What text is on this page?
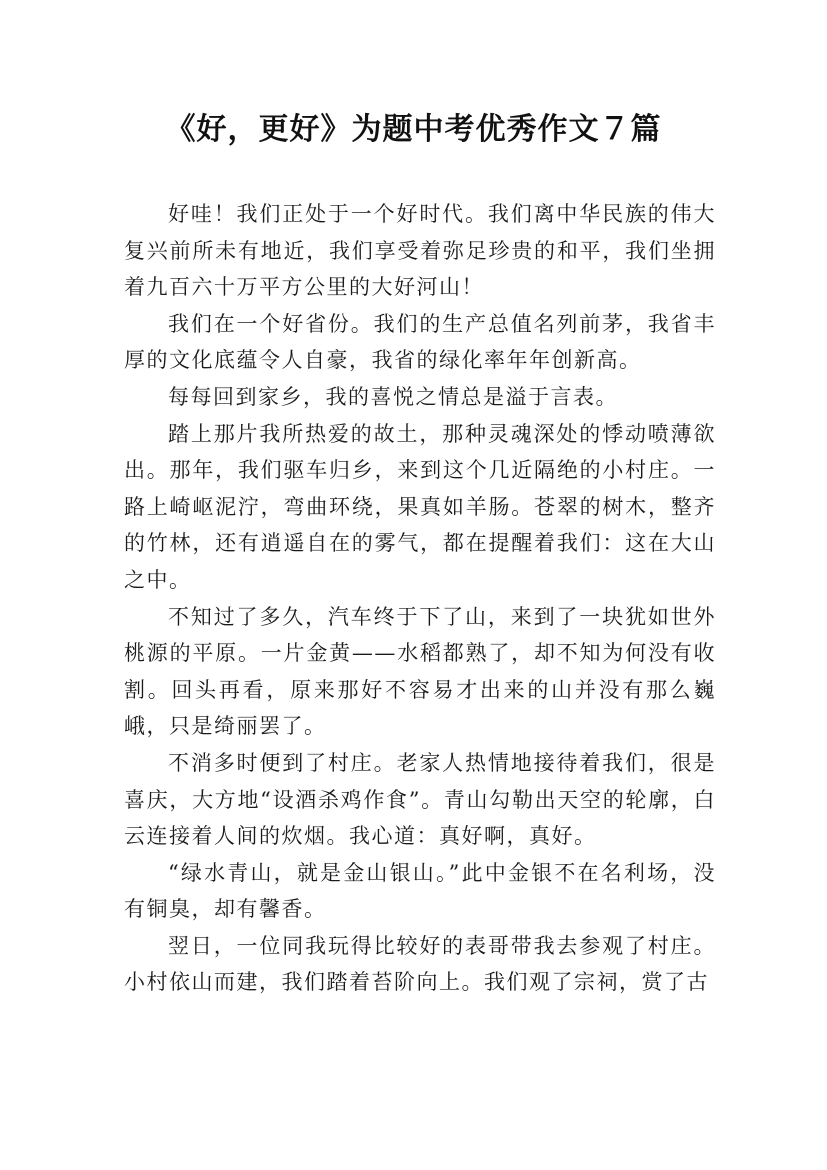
《好，更好》为题中考优秀作文７篇

好哇！我们正处于一个好时代。我们离中华民族的伟大复兴前所未有地近，我们享受着弥足珍贵的和平，我们坐拥着九百六十万平方公里的大好河山！

我们在一个好省份。我们的生产总值名列前茅，我省丰厚的文化底蕴令人自豪，我省的绿化率年年创新高。

每每回到家乡，我的喜悦之情总是溢于言表。

踏上那片我所热爱的故土，那种灵魂深处的悸动喷薄欲出。那年，我们驱车归乡，来到这个几近隔绝的小村庄。一路上崎岖泥泞，弯曲环绕，果真如羊肠。苍翠的树木，整齐的竹林，还有逍遥自在的雾气，都在提醒着我们：这在大山之中。

不知过了多久，汽车终于下了山，来到了一块犹如世外桃源的平原。一片金黄——水稻都熟了，却不知为何没有收割。回头再看，原来那好不容易才出来的山并没有那么巍峨，只是绮丽罢了。

不消多时便到了村庄。老家人热情地接待着我们，很是喜庆，大方地“设酒杀鸡作食”。青山勾勒出天空的轮廓，白云连接着人间的炊烟。我心道：真好啊，真好。

“绿水青山，就是金山银山。”此中金银不在名利场，没有铜臭，却有馨香。

翌日，一位同我玩得比较好的表哥带我去参观了村庄。小村依山而建，我们踏着苔阶向上。我们观了宗祠，赏了古
